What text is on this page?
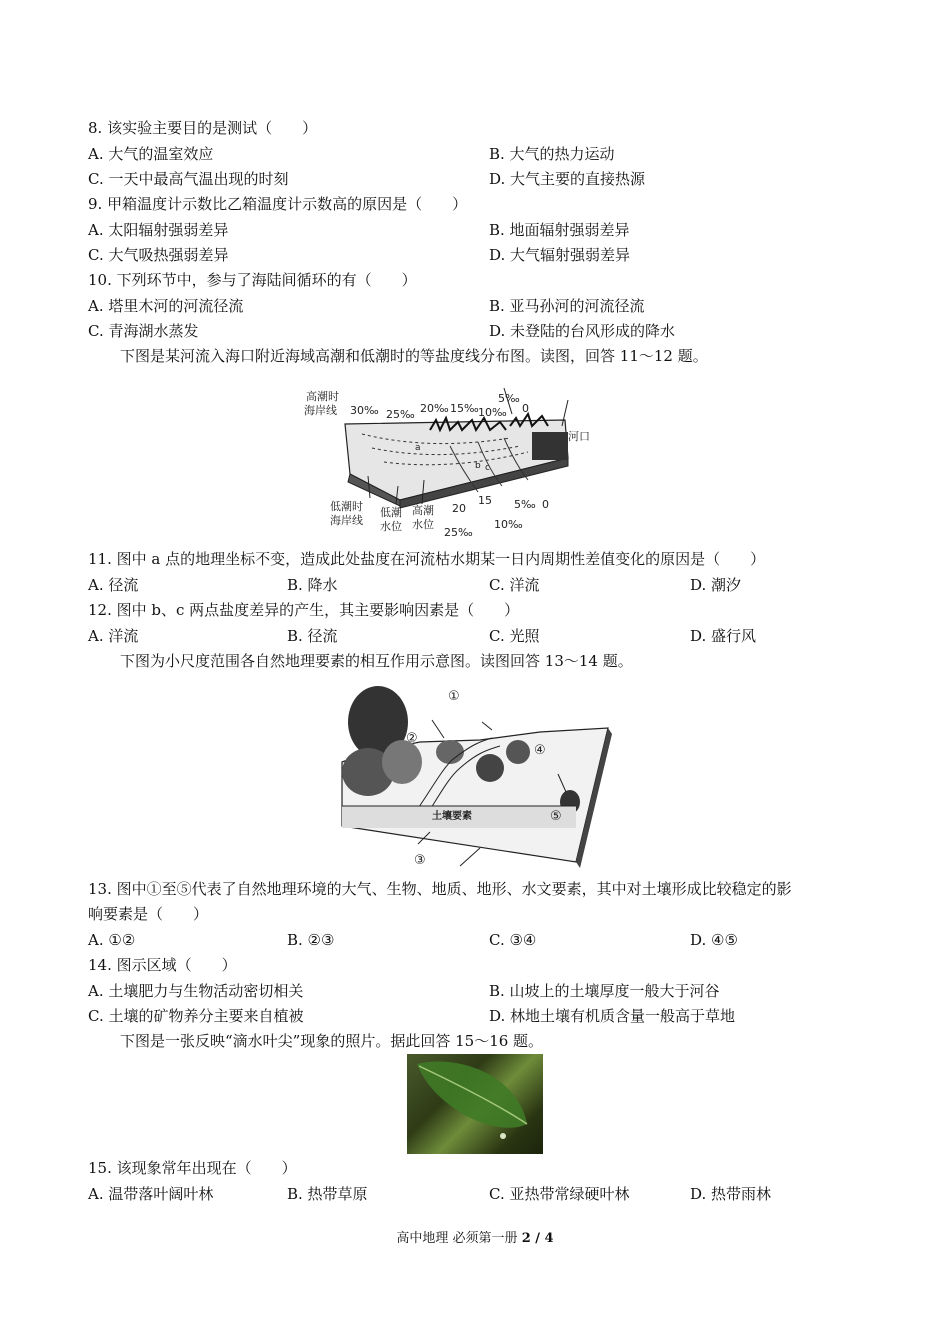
8. 该实验主要目的是测试（　　）
A. 大气的温室效应	B. 大气的热力运动
C. 一天中最高气温出现的时刻	D. 大气主要的直接热源
9. 甲箱温度计示数比乙箱温度计示数高的原因是（　　）
A. 太阳辐射强弱差异	B. 地面辐射强弱差异
C. 大气吸热强弱差异	D. 大气辐射强弱差异
10. 下列环节中，参与了海陆间循环的有（　　）
A. 塔里木河的河流径流	B. 亚马孙河的河流径流
C. 青海湖水蒸发	D. 未登陆的台风形成的降水
下图是某河流入海口附近海域高潮和低潮时的等盐度线分布图。读图，回答 11～12 题。
高潮时
海岸线 30‰ 25‰ 20‰ 15‰ 10‰
5‰
0
河口
a
b c
低潮时
海岸线
低潮
水位
高潮
水位
20
15
25‰
5‰ 0
10‰
11. 图中 a 点的地理坐标不变，造成此处盐度在河流枯水期某一日内周期性差值变化的原因是（　　）
A. 径流	B. 降水	C. 洋流	D. 潮汐
12. 图中 b、c 两点盐度差异的产生，其主要影响因素是（　　）
A. 洋流	B. 径流	C. 光照	D. 盛行风
下图为小尺度范围各自然地理要素的相互作用示意图。读图回答 13～14 题。
土壤要素
①
②
④
⑤
③
13. 图中①至⑤代表了自然地理环境的大气、生物、地质、地形、水文要素，其中对土壤形成比较稳定的影
响要素是（　　）
A. ①②	B. ②③	C. ③④	D. ④⑤
14. 图示区域（　　）
A. 土壤肥力与生物活动密切相关	B. 山坡上的土壤厚度一般大于河谷
C. 土壤的矿物养分主要来自植被	D. 林地土壤有机质含量一般高于草地
下图是一张反映“滴水叶尖”现象的照片。据此回答 15～16 题。
15. 该现象常年出现在（　　）
A. 温带落叶阔叶林	B. 热带草原	C. 亚热带常绿硬叶林	D. 热带雨林
高中地理 必须第一册 2 / 4
